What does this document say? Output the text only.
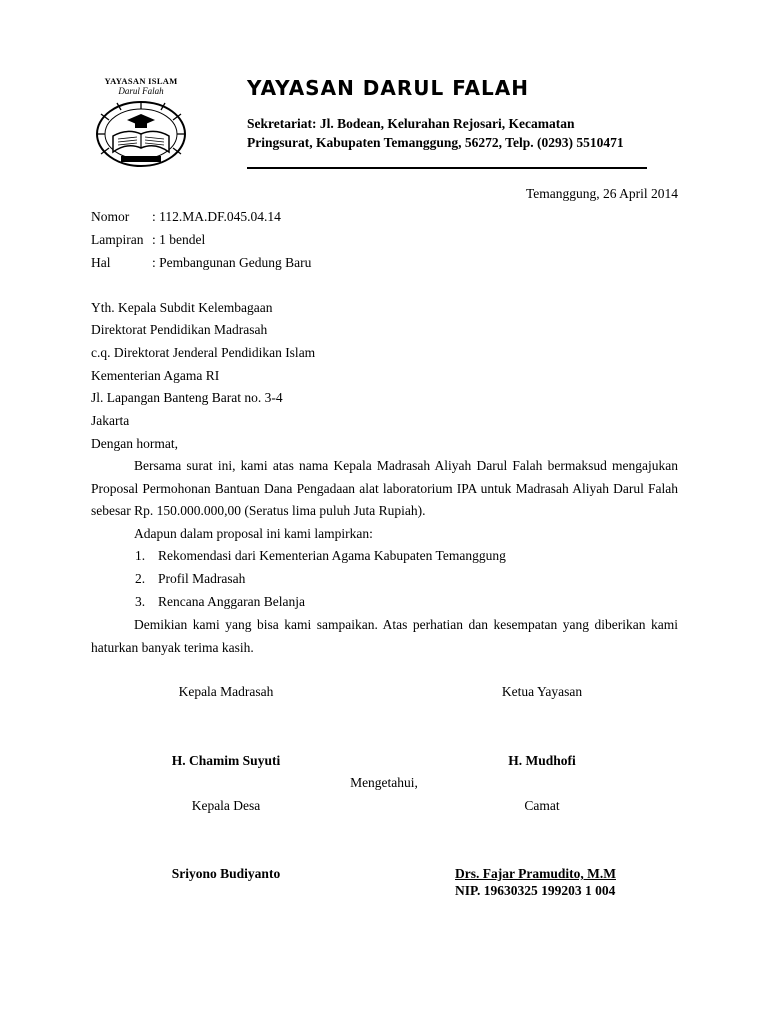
YAYASAN ISLAM
Darul Falah	YAYASAN DARUL FALAH
Sekretariat: Jl. Bodean, Kelurahan Rejosari, Kecamatan
Pringsurat, Kabupaten Temanggung, 56272, Telp. (0293) 5510471
Temanggung, 26 April 2014
Nomor : 112.MA.DF.045.04.14
Lampiran : 1 bendel
Hal	: Pembangunan Gedung Baru
Yth. Kepala Subdit Kelembagaan
Direktorat Pendidikan Madrasah
c.q. Direktorat Jenderal Pendidikan Islam
Kementerian Agama RI
Jl. Lapangan Banteng Barat no. 3-4
Jakarta
Dengan hormat,
Bersama surat ini, kami atas nama Kepala Madrasah Aliyah Darul Falah bermaksud mengajukan Proposal Permohonan Bantuan Dana Pengadaan alat laboratorium IPA untuk Madrasah Aliyah Darul Falah sebesar Rp. 150.000.000,00 (Seratus lima puluh Juta Rupiah).
Adapun dalam proposal ini kami lampirkan:
1. Rekomendasi dari Kementerian Agama Kabupaten Temanggung
2. Profil Madrasah
3. Rencana Anggaran Belanja
Demikian kami yang bisa kami sampaikan. Atas perhatian dan kesempatan yang diberikan kami haturkan banyak terima kasih.
Kepala Madrasah	Ketua Yayasan
H. Chamim Suyuti	H. Mudhofi
Mengetahui,
Kepala Desa	Camat
Sriyono Budiyanto	Drs. Fajar Pramudito, M.M
NIP. 19630325 199203 1 004
